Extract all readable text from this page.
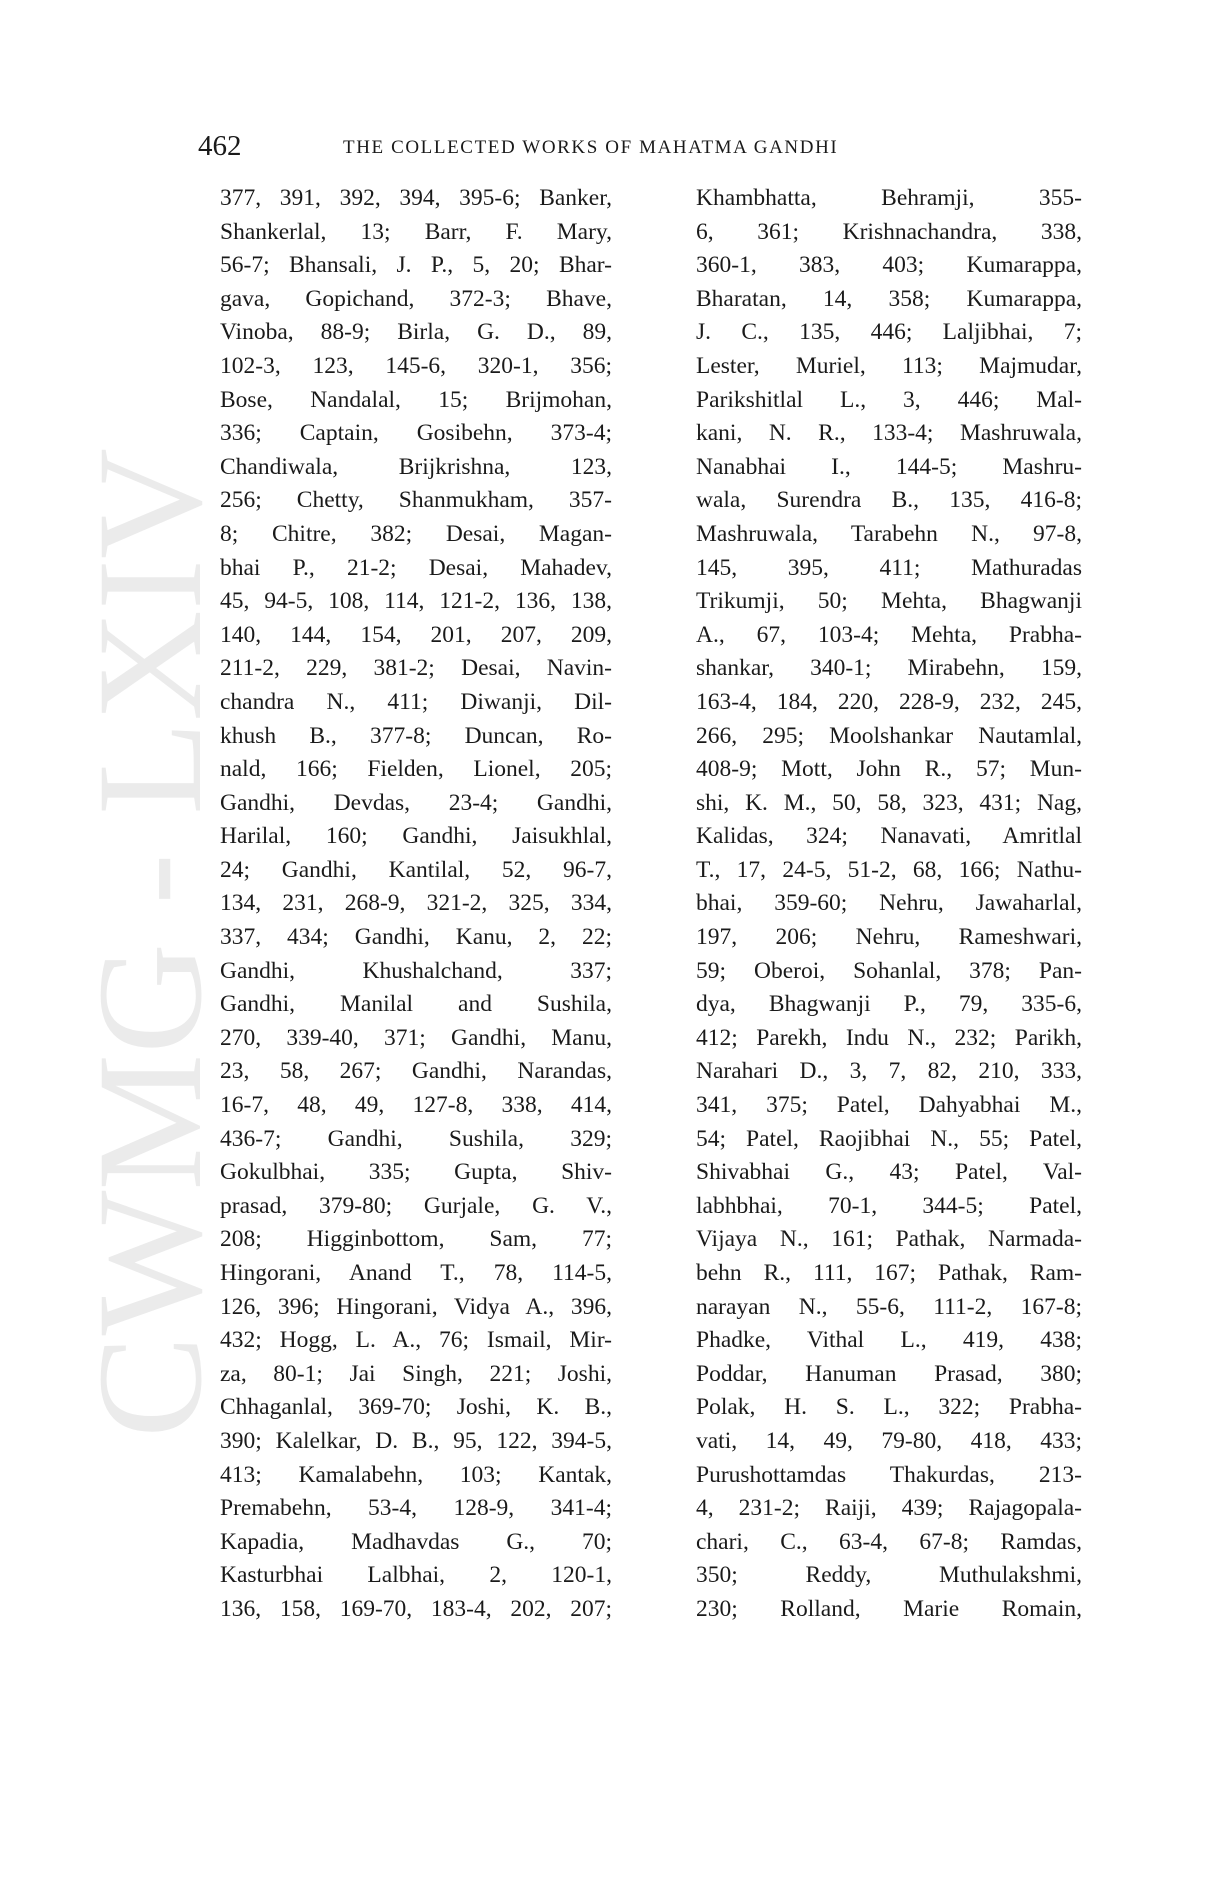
CWMG - LXIV
462	THE COLLECTED WORKS OF MAHATMA GANDHI
377, 391, 392, 394, 395-6; Banker,
Shankerlal, 13; Barr, F. Mary,
56-7; Bhansali, J. P., 5, 20; Bhar-
gava, Gopichand, 372-3; Bhave,
Vinoba, 88-9; Birla, G. D., 89,
102-3, 123, 145-6, 320-1, 356;
Bose, Nandalal, 15; Brijmohan,
336; Captain, Gosibehn, 373-4;
Chandiwala, Brijkrishna, 123,
256; Chetty, Shanmukham, 357-
8; Chitre, 382; Desai, Magan-
bhai P., 21-2; Desai, Mahadev,
45, 94-5, 108, 114, 121-2, 136, 138,
140, 144, 154, 201, 207, 209,
211-2, 229, 381-2; Desai, Navin-
chandra N., 411; Diwanji, Dil-
khush B., 377-8; Duncan, Ro-
nald, 166; Fielden, Lionel, 205;
Gandhi, Devdas, 23-4; Gandhi,
Harilal, 160; Gandhi, Jaisukhlal,
24; Gandhi, Kantilal, 52, 96-7,
134, 231, 268-9, 321-2, 325, 334,
337, 434; Gandhi, Kanu, 2, 22;
Gandhi, Khushalchand, 337;
Gandhi, Manilal and Sushila,
270, 339-40, 371; Gandhi, Manu,
23, 58, 267; Gandhi, Narandas,
16-7, 48, 49, 127-8, 338, 414,
436-7; Gandhi, Sushila, 329;
Gokulbhai, 335; Gupta, Shiv-
prasad, 379-80; Gurjale, G. V.,
208; Higginbottom, Sam, 77;
Hingorani, Anand T., 78, 114-5,
126, 396; Hingorani, Vidya A., 396,
432; Hogg, L. A., 76; Ismail, Mir-
za, 80-1; Jai Singh, 221; Joshi,
Chhaganlal, 369-70; Joshi, K. B.,
390; Kalelkar, D. B., 95, 122, 394-5,
413; Kamalabehn, 103; Kantak,
Premabehn, 53-4, 128-9, 341-4;
Kapadia, Madhavdas G., 70;
Kasturbhai Lalbhai, 2, 120-1,
136, 158, 169-70, 183-4, 202, 207;
Khambhatta, Behramji, 355-
6, 361; Krishnachandra, 338,
360-1, 383, 403; Kumarappa,
Bharatan, 14, 358; Kumarappa,
J. C., 135, 446; Laljibhai, 7;
Lester, Muriel, 113; Majmudar,
Parikshitlal L., 3, 446; Mal-
kani, N. R., 133-4; Mashruwala,
Nanabhai I., 144-5; Mashru-
wala, Surendra B., 135, 416-8;
Mashruwala, Tarabehn N., 97-8,
145, 395, 411; Mathuradas
Trikumji, 50; Mehta, Bhagwanji
A., 67, 103-4; Mehta, Prabha-
shankar, 340-1; Mirabehn, 159,
163-4, 184, 220, 228-9, 232, 245,
266, 295; Moolshankar Nautamlal,
408-9; Mott, John R., 57; Mun-
shi, K. M., 50, 58, 323, 431; Nag,
Kalidas, 324; Nanavati, Amritlal
T., 17, 24-5, 51-2, 68, 166; Nathu-
bhai, 359-60; Nehru, Jawaharlal,
197, 206; Nehru, Rameshwari,
59; Oberoi, Sohanlal, 378; Pan-
dya, Bhagwanji P., 79, 335-6,
412; Parekh, Indu N., 232; Parikh,
Narahari D., 3, 7, 82, 210, 333,
341, 375; Patel, Dahyabhai M.,
54; Patel, Raojibhai N., 55; Patel,
Shivabhai G., 43; Patel, Val-
labhbhai, 70-1, 344-5; Patel,
Vijaya N., 161; Pathak, Narmada-
behn R., 111, 167; Pathak, Ram-
narayan N., 55-6, 111-2, 167-8;
Phadke, Vithal L., 419, 438;
Poddar, Hanuman Prasad, 380;
Polak, H. S. L., 322; Prabha-
vati, 14, 49, 79-80, 418, 433;
Purushottamdas Thakurdas, 213-
4, 231-2; Raiji, 439; Rajagopala-
chari, C., 63-4, 67-8; Ramdas,
350; Reddy, Muthulakshmi,
230; Rolland, Marie Romain,
